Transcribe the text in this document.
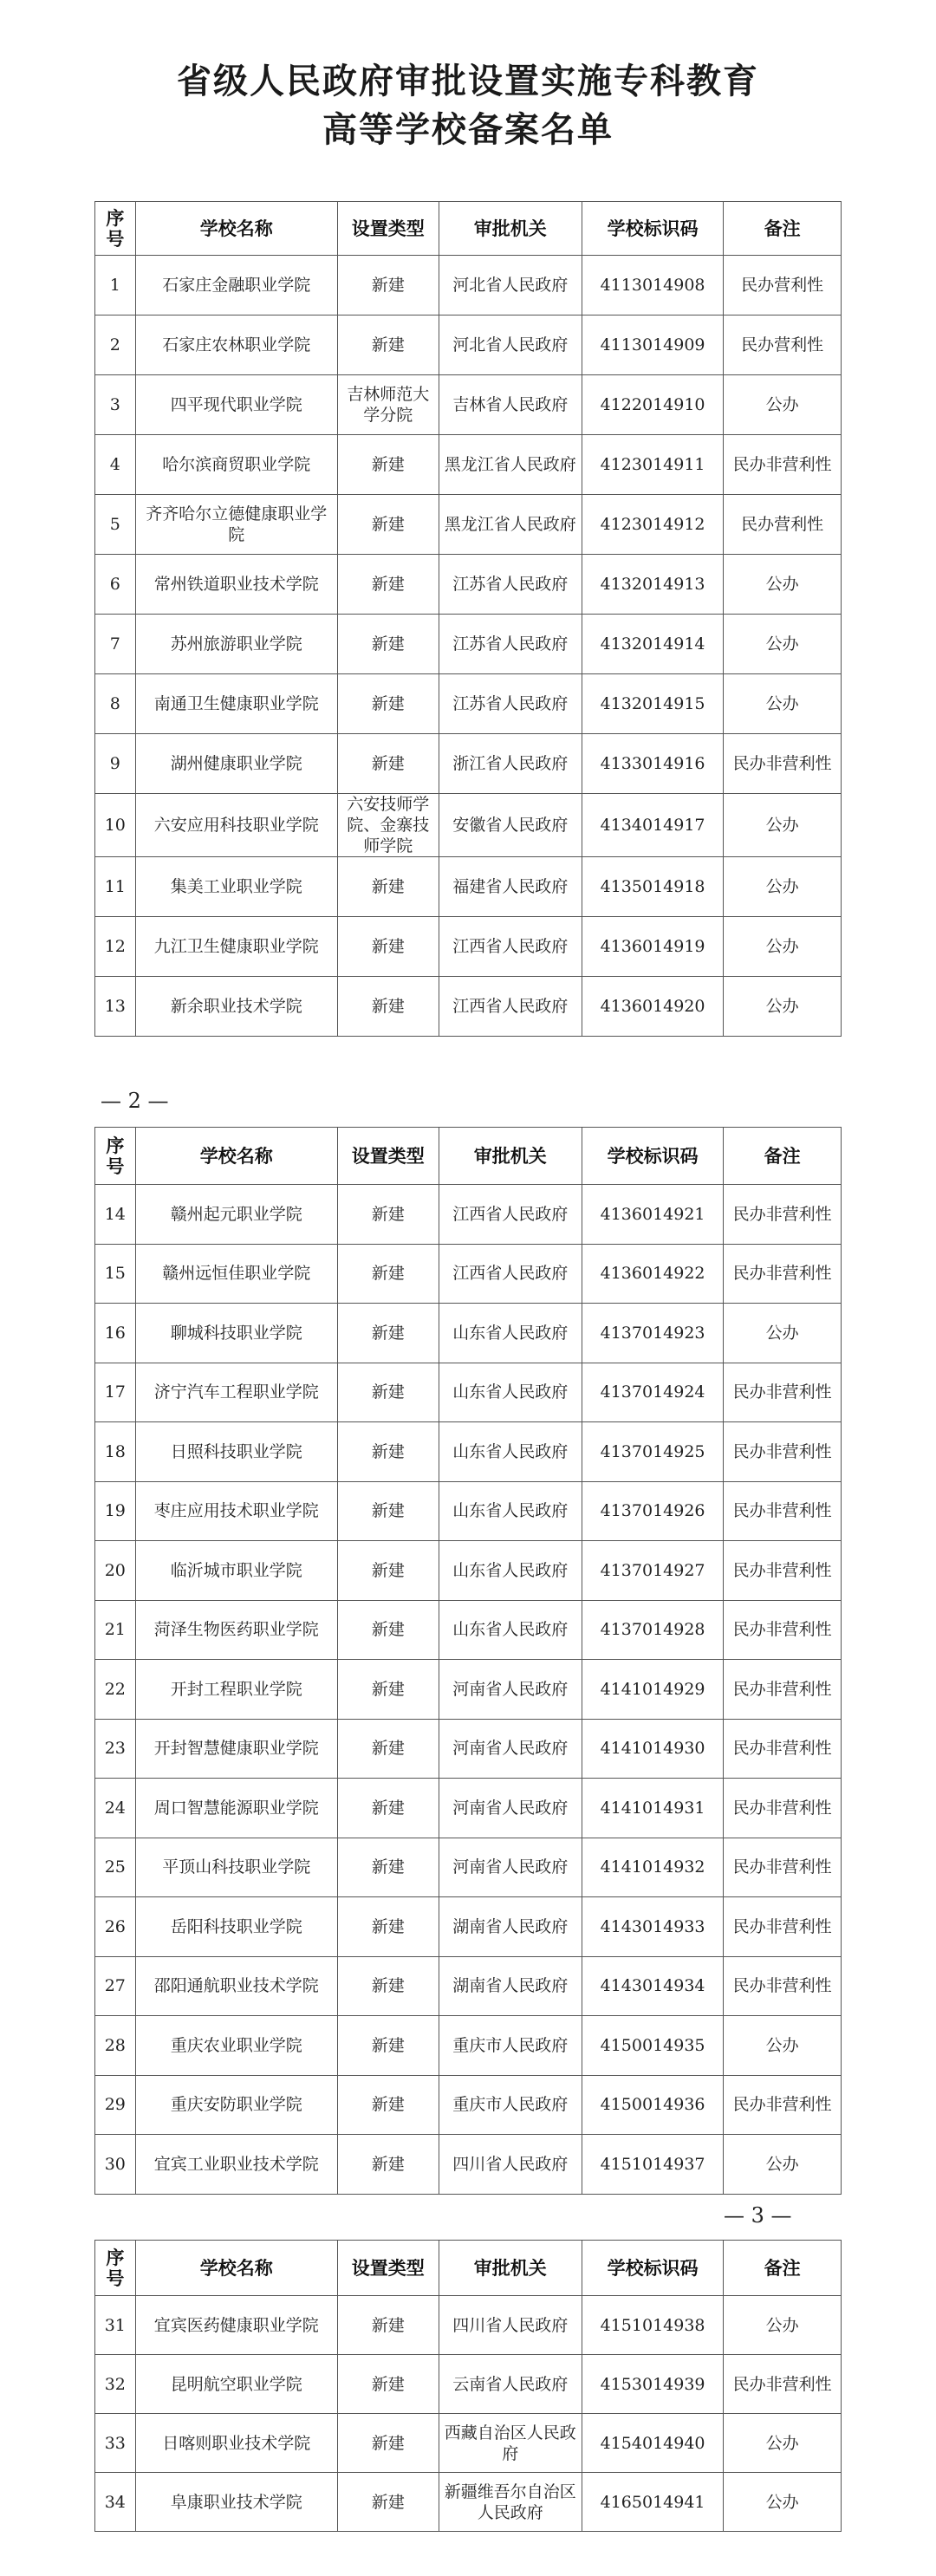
省级人民政府审批设置实施专科教育
高等学校备案名单
序号	学校名称	设置类型	审批机关	学校标识码	备注
1	石家庄金融职业学院	新建	河北省人民政府	4113014908	民办营利性
2	石家庄农林职业学院	新建	河北省人民政府	4113014909	民办营利性
3	四平现代职业学院	吉林师范大学分院	吉林省人民政府	4122014910	公办
4	哈尔滨商贸职业学院	新建	黑龙江省人民政府	4123014911	民办非营利性
5	齐齐哈尔立德健康职业学院	新建	黑龙江省人民政府	4123014912	民办营利性
6	常州铁道职业技术学院	新建	江苏省人民政府	4132014913	公办
7	苏州旅游职业学院	新建	江苏省人民政府	4132014914	公办
8	南通卫生健康职业学院	新建	江苏省人民政府	4132014915	公办
9	湖州健康职业学院	新建	浙江省人民政府	4133014916	民办非营利性
10	六安应用科技职业学院	六安技师学院、金寨技师学院	安徽省人民政府	4134014917	公办
11	集美工业职业学院	新建	福建省人民政府	4135014918	公办
12	九江卫生健康职业学院	新建	江西省人民政府	4136014919	公办
13	新余职业技术学院	新建	江西省人民政府	4136014920	公办
— 2 —
序号	学校名称	设置类型	审批机关	学校标识码	备注
14	赣州起元职业学院	新建	江西省人民政府	4136014921	民办非营利性
15	赣州远恒佳职业学院	新建	江西省人民政府	4136014922	民办非营利性
16	聊城科技职业学院	新建	山东省人民政府	4137014923	公办
17	济宁汽车工程职业学院	新建	山东省人民政府	4137014924	民办非营利性
18	日照科技职业学院	新建	山东省人民政府	4137014925	民办非营利性
19	枣庄应用技术职业学院	新建	山东省人民政府	4137014926	民办非营利性
20	临沂城市职业学院	新建	山东省人民政府	4137014927	民办非营利性
21	菏泽生物医药职业学院	新建	山东省人民政府	4137014928	民办非营利性
22	开封工程职业学院	新建	河南省人民政府	4141014929	民办非营利性
23	开封智慧健康职业学院	新建	河南省人民政府	4141014930	民办非营利性
24	周口智慧能源职业学院	新建	河南省人民政府	4141014931	民办非营利性
25	平顶山科技职业学院	新建	河南省人民政府	4141014932	民办非营利性
26	岳阳科技职业学院	新建	湖南省人民政府	4143014933	民办非营利性
27	邵阳通航职业技术学院	新建	湖南省人民政府	4143014934	民办非营利性
28	重庆农业职业学院	新建	重庆市人民政府	4150014935	公办
29	重庆安防职业学院	新建	重庆市人民政府	4150014936	民办非营利性
30	宜宾工业职业技术学院	新建	四川省人民政府	4151014937	公办
— 3 —
序号	学校名称	设置类型	审批机关	学校标识码	备注
31	宜宾医药健康职业学院	新建	四川省人民政府	4151014938	公办
32	昆明航空职业学院	新建	云南省人民政府	4153014939	民办非营利性
33	日喀则职业技术学院	新建	西藏自治区人民政府	4154014940	公办
34	阜康职业技术学院	新建	新疆维吾尔自治区人民政府	4165014941	公办
